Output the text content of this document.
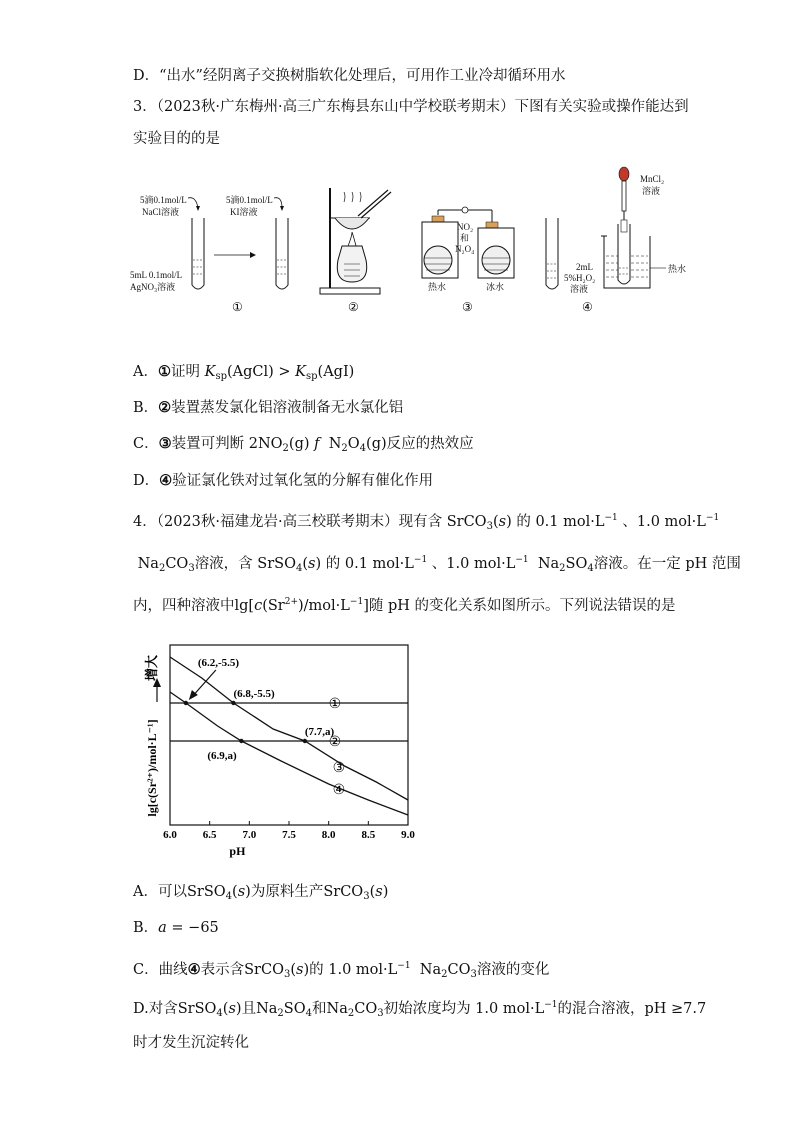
D．“出水”经阴离子交换树脂软化处理后，可用作工业冷却循环用水
3．（2023秋·广东梅州·高三广东梅县东山中学校联考期末）下图有关实验或操作能达到
实验目的的是
5滴0.1mol/L
NaCl溶液
5mL 0.1mol/L
AgNO₃溶液
5滴0.1mol/L
KI溶液
①	②
NO₂
和
N₂O₄
热水	冰水
③
2mL
5%H₂O₂
溶液
MnCl₂
溶液
热水
④
A．①证明 $K_{sp}(AgCl) > K_{sp}(AgI)$
B．②装置蒸发氯化铝溶液制备无水氯化铝
C．③装置可判断 $2NO_2(g)$ f  $N_2O_4(g)$反应的热效应
D．④验证氯化铁对过氧化氢的分解有催化作用
4．（2023秋·福建龙岩·高三校联考期末）现有含 SrCO$_3$(s) 的 0.1 $mol\cdot L^{-1}$ 、1.0 $mol\cdot L^{-1}$
$Na_2CO_3$溶液，含 SrSO$_4$(s) 的 0.1 $mol\cdot L^{-1}$ 、1.0 $mol\cdot L^{-1}$  $Na_2SO_4$溶液。在一定 pH 范围
内，四种溶液中$\lg[c(Sr^{2+})/mol\cdot L^{-1}]$随 pH 的变化关系如图所示。下列说法错误的是
6.0 6.5 7.0 7.5 8.0 8.5 9.0
pH
lg[c(Sr²⁺)/mol·L⁻¹]
增大
①
②
③
④
(6.2,-5.5)
(6.8,-5.5)
(7.7,a)
(6.9,a)
A．可以SrSO$_4$(s)为原料生产SrCO$_3$(s)
B．a = −65
C．曲线④表示含SrCO$_3$(s)的 1.0 $mol\cdot L^{-1}$  $Na_2CO_3$溶液的变化
D.对含SrSO$_4$(s)且$Na_2SO_4$和$Na_2CO_3$初始浓度均为 1.0 $mol\cdot L^{-1}$的混合溶液，pH ≥7.7
时才发生沉淀转化
